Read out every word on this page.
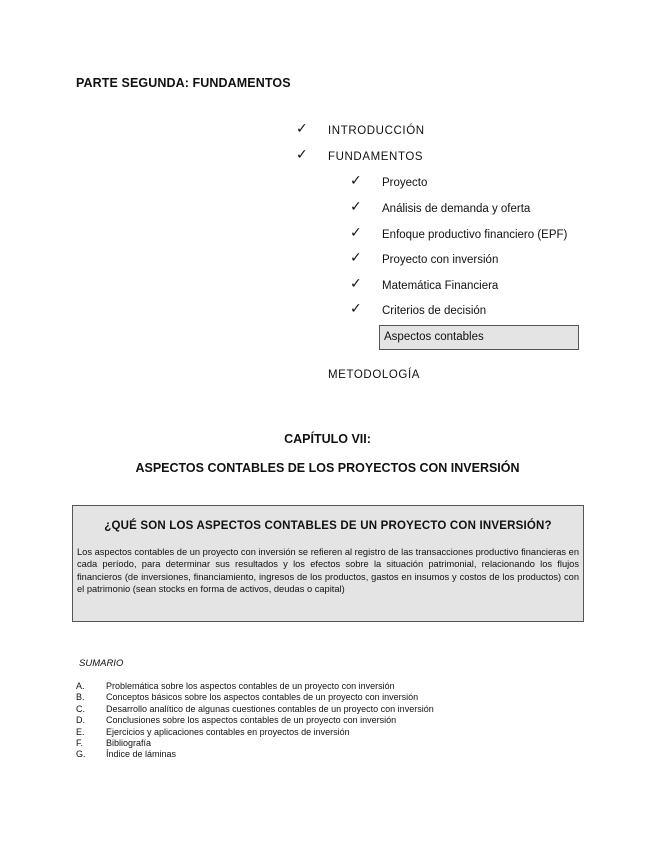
PARTE SEGUNDA: FUNDAMENTOS
✓ INTRODUCCIÓN
✓ FUNDAMENTOS
✓ Proyecto
✓ Análisis de demanda y oferta
✓ Enfoque productivo financiero (EPF)
✓ Proyecto con inversión
✓ Matemática Financiera
✓ Criterios de decisión
Aspectos contables
METODOLOGÍA
CAPÍTULO VII:
ASPECTOS CONTABLES DE LOS PROYECTOS CON INVERSIÓN
¿QUÉ SON LOS ASPECTOS CONTABLES DE UN PROYECTO CON INVERSIÓN?
Los aspectos contables de un proyecto con inversión se refieren al registro de las transacciones productivo financieras en cada período, para determinar sus resultados y los efectos sobre la situación patrimonial, relacionando los flujos financieros (de inversiones, financiamiento, ingresos de los productos, gastos en insumos y costos de los productos) con el patrimonio (sean stocks en forma de activos, deudas o capital)
SUMARIO
A. Problemática sobre los aspectos contables de un proyecto con inversión
B. Conceptos básicos sobre los aspectos contables de un proyecto con inversión
C. Desarrollo analítico de algunas cuestiones contables de un proyecto con inversión
D. Conclusiones sobre los aspectos contables de un proyecto con inversión
E. Ejercicios y aplicaciones contables en proyectos de inversión
F.	Bibliografía
G. Índice de láminas
